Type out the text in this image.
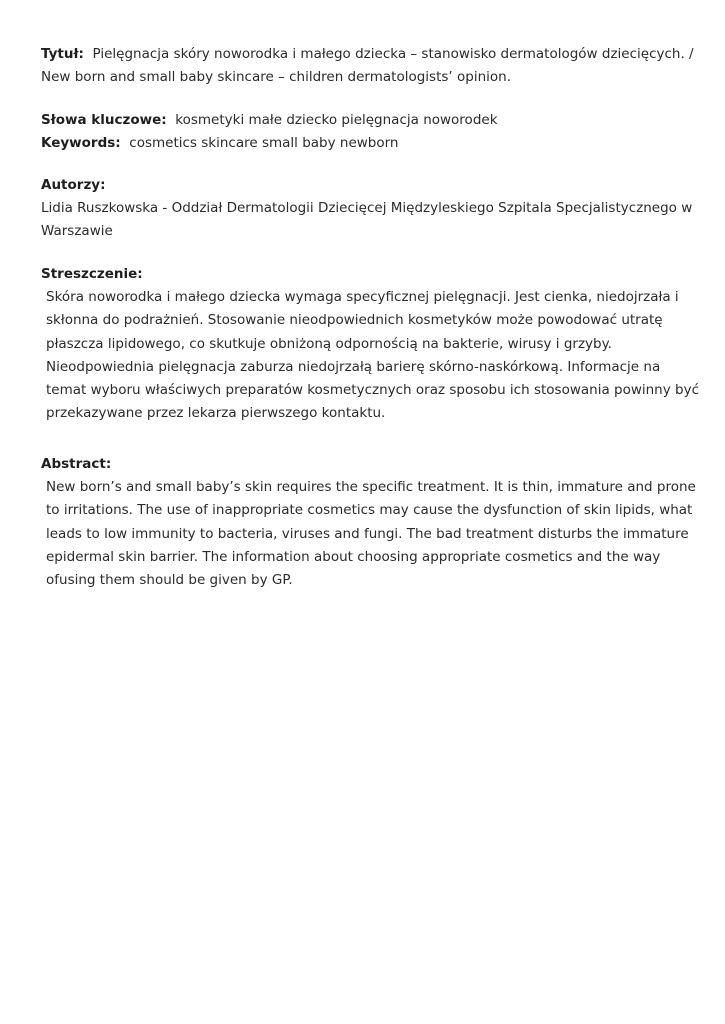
Tytuł: Pielęgnacja skóry noworodka i małego dziecka – stanowisko dermatologów dziecięcych. /
New born and small baby skincare – children dermatologists’ opinion.
Słowa kluczowe: kosmetyki małe dziecko pielęgnacja noworodek
Keywords: cosmetics skincare small baby newborn
Autorzy:
Lidia Ruszkowska - Oddział Dermatologii Dziecięcej Międzyleskiego Szpitala Specjalistycznego w
Warszawie
Streszczenie:
Skóra noworodka i małego dziecka wymaga specyficznej pielęgnacji. Jest cienka, niedojrzała i
skłonna do podrażnień. Stosowanie nieodpowiednich kosmetyków może powodować utratę
płaszcza lipidowego, co skutkuje obniżoną odpornością na bakterie, wirusy i grzyby.
Nieodpowiednia pielęgnacja zaburza niedojrzałą barierę skórno-naskórkową. Informacje na
temat wyboru właściwych preparatów kosmetycznych oraz sposobu ich stosowania powinny być
przekazywane przez lekarza pierwszego kontaktu.
Abstract:
New born’s and small baby’s skin requires the specific treatment. It is thin, immature and prone
to irritations. The use of inappropriate cosmetics may cause the dysfunction of skin lipids, what
leads to low immunity to bacteria, viruses and fungi. The bad treatment disturbs the immature
epidermal skin barrier. The information about choosing appropriate cosmetics and the way
ofusing them should be given by GP.
